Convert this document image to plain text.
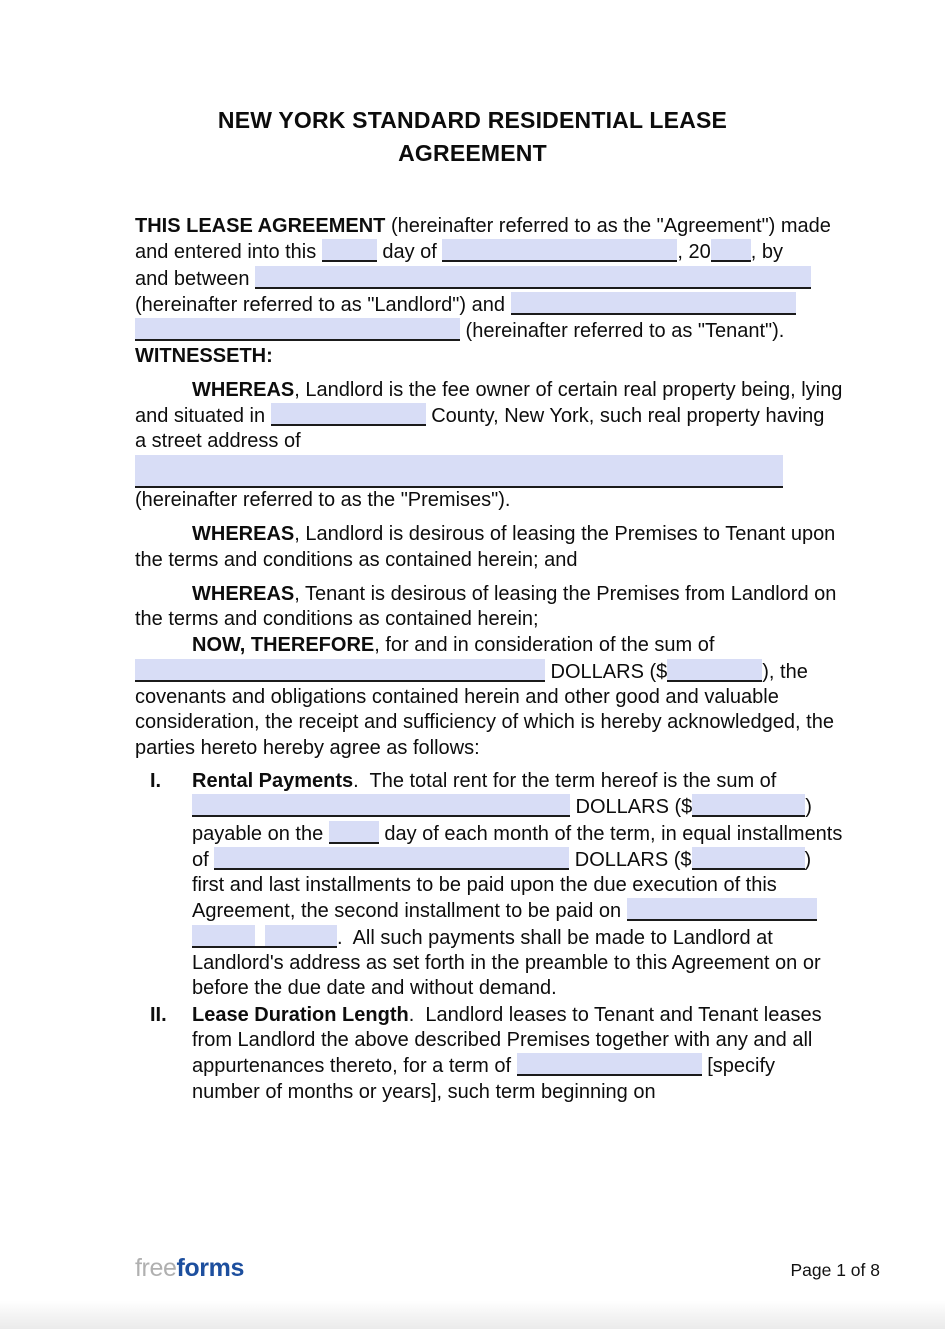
NEW YORK STANDARD RESIDENTIAL LEASE
AGREEMENT
THIS LEASE AGREEMENT (hereinafter referred to as the "Agreement") made
and entered into this	day of	, 20 , by
and between
(hereinafter referred to as "Landlord") and
(hereinafter referred to as "Tenant").
WITNESSETH:
WHEREAS, Landlord is the fee owner of certain real property being, lying
and situated in	County, New York, such real property having
a street address of
(hereinafter referred to as the "Premises").
WHEREAS, Landlord is desirous of leasing the Premises to Tenant upon
the terms and conditions as contained herein; and
WHEREAS, Tenant is desirous of leasing the Premises from Landlord on
the terms and conditions as contained herein;
NOW, THEREFORE, for and in consideration of the sum of
DOLLARS ($	), the
covenants and obligations contained herein and other good and valuable
consideration, the receipt and sufficiency of which is hereby acknowledged, the
parties hereto hereby agree as follows:
I. Rental Payments.  The total rent for the term hereof is the sum of
DOLLARS ($	)
payable on the	day of each month of the term, in equal installments
of	DOLLARS ($	)
first and last installments to be paid upon the due execution of this
Agreement, the second installment to be paid on
.  All such payments shall be made to Landlord at
Landlord's address as set forth in the preamble to this Agreement on or
before the due date and without demand.
II. Lease Duration Length.  Landlord leases to Tenant and Tenant leases
from Landlord the above described Premises together with any and all
appurtenances thereto, for a term of	[specify
number of months or years], such term beginning on
freeforms	Page 1 of 8
